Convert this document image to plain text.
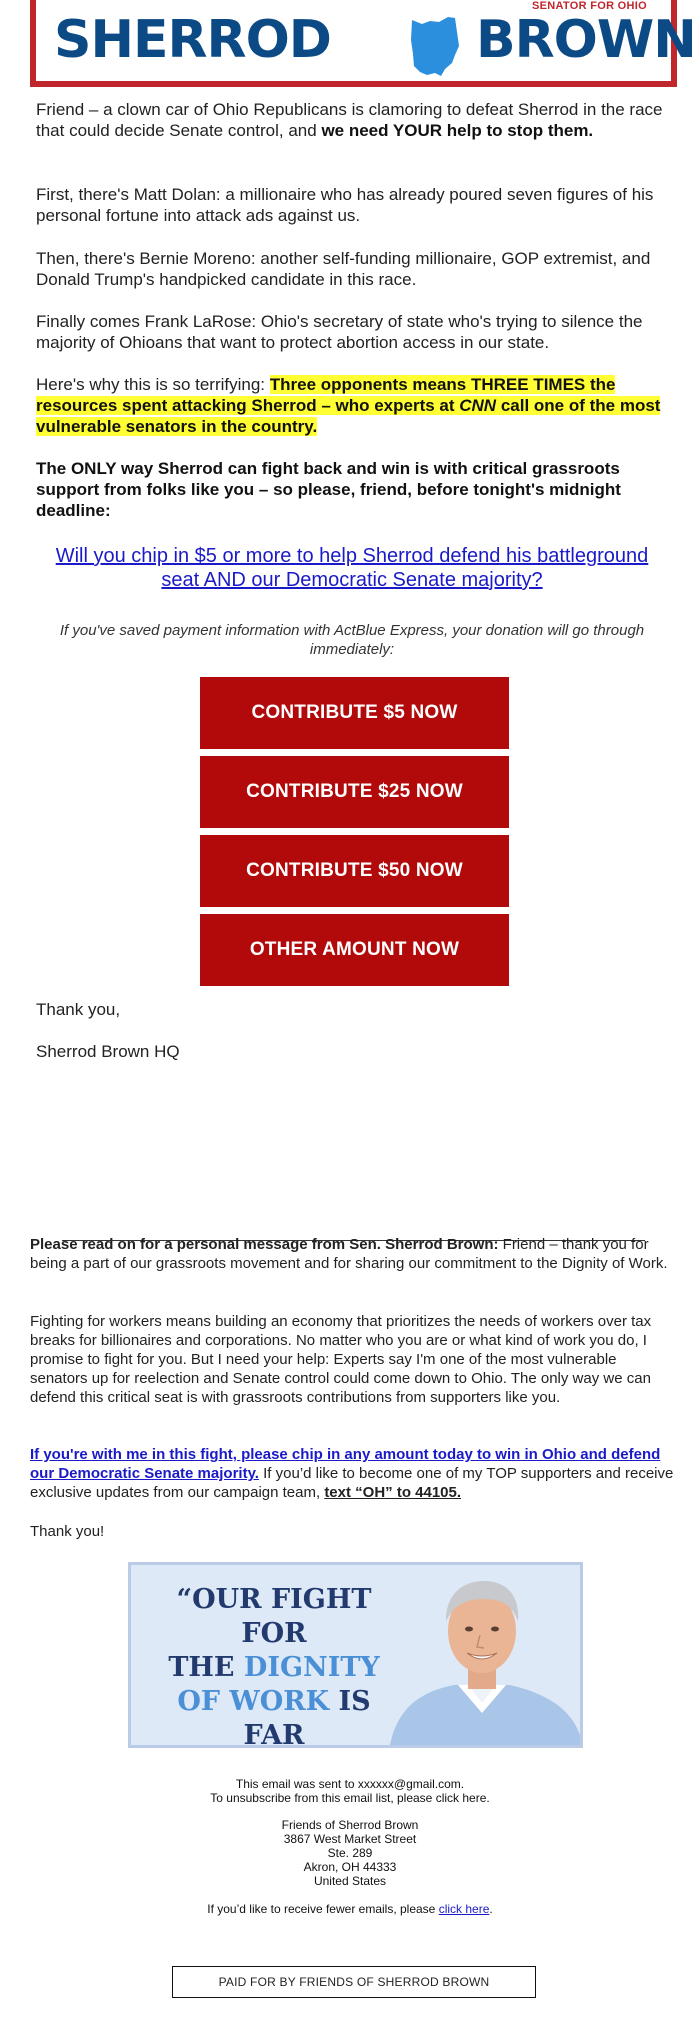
SENATOR FOR OHIO
SHERROD	BROWN
Friend – a clown car of Ohio Republicans is clamoring to defeat Sherrod in the race that could decide Senate control, and we need YOUR help to stop them.
First, there's Matt Dolan: a millionaire who has already poured seven figures of his personal fortune into attack ads against us.
Then, there's Bernie Moreno: another self-funding millionaire, GOP extremist, and Donald Trump's handpicked candidate in this race.
Finally comes Frank LaRose: Ohio's secretary of state who's trying to silence the majority of Ohioans that want to protect abortion access in our state.
Here's why this is so terrifying: Three opponents means THREE TIMES the resources spent attacking Sherrod – who experts at CNN call one of the most vulnerable senators in the country.
The ONLY way Sherrod can fight back and win is with critical grassroots support from folks like you – so please, friend, before tonight's midnight deadline:
Will you chip in $5 or more to help Sherrod defend his battleground seat AND our Democratic Senate majority?
If you've saved payment information with ActBlue Express, your donation will go through immediately:
CONTRIBUTE $5 NOW
CONTRIBUTE $25 NOW
CONTRIBUTE $50 NOW
OTHER AMOUNT NOW
Thank you,
Sherrod Brown HQ
Please read on for a personal message from Sen. Sherrod Brown: Friend – thank you for being a part of our grassroots movement and for sharing our commitment to the Dignity of Work.
Fighting for workers means building an economy that prioritizes the needs of workers over tax breaks for billionaires and corporations. No matter who you are or what kind of work you do, I promise to fight for you. But I need your help: Experts say I'm one of the most vulnerable senators up for reelection and Senate control could come down to Ohio. The only way we can defend this critical seat is with grassroots contributions from supporters like you.
If you're with me in this fight, please chip in any amount today to win in Ohio and defend our Democratic Senate majority. If you’d like to become one of my TOP supporters and receive exclusive updates from our campaign team, text “OH” to 44105.
Thank you!
“OUR FIGHT FOR
THE DIGNITY
OF WORK IS FAR
This email was sent to xxxxxx@gmail.com.
To unsubscribe from this email list, please click here.
Friends of Sherrod Brown
3867 West Market Street
Ste. 289
Akron, OH 44333
United States
If you’d like to receive fewer emails, please click here.
PAID FOR BY FRIENDS OF SHERROD BROWN
